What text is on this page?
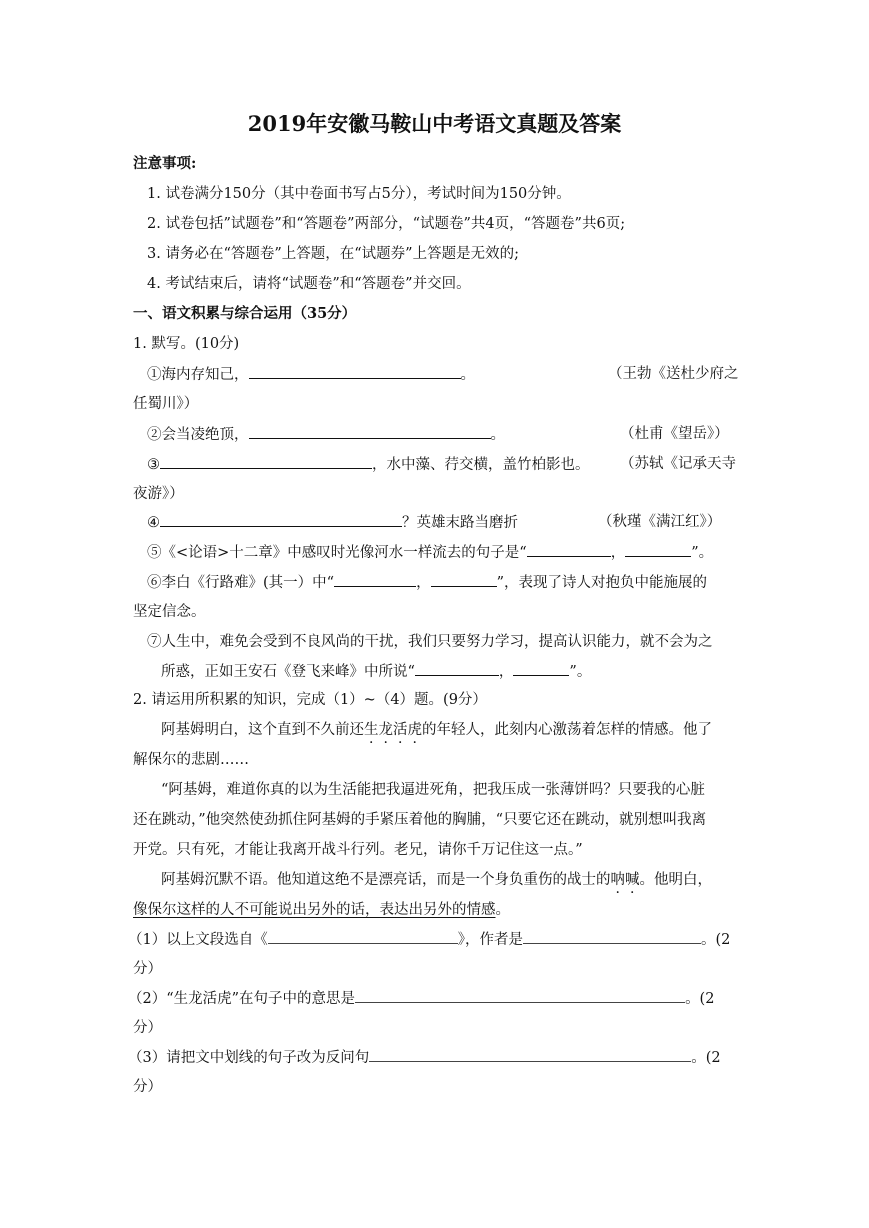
2019年安徽马鞍山中考语文真题及答案
注意事项:
1. 试卷满分150分（其中卷面书写占5分），考试时间为150分钟。
2. 试卷包括”试题卷”和“答题卷”两部分，“试题卷”共4页，“答题卷”共6页;
3. 请务必在“答题卷”上答题，在“试题券”上答题是无效的;
4. 考试结束后，请将“试题卷”和“答题卷”并交回。
一、语文积累与综合运用（35分）
1. 默写。(10分)
①海内存知己，	。	（王勃《送杜少府之
任蜀川》）
②会当凌绝顶，	。	（杜甫《望岳》）
③	，水中藻、荇交横，盖竹柏影也。 （苏轼《记承天寺
夜游》）
④	？英雄末路当磨折	（秋瑾《满江红》）
⑤《<论语>十二章》中感叹时光像河水一样流去的句子是“	，	”。
⑥李白《行路难》(其一）中“	，	”，表现了诗人对抱负中能施展的
坚定信念。
⑦人生中，难免会受到不良风尚的干扰，我们只要努力学习，提高认识能力，就不会为之
所惑，正如王安石《登飞来峰》中所说“	，	”。
2. 请运用所积累的知识，完成（1）~（4）题。(9分）
阿基姆明白，这个直到不久前还生龙活虎的年轻人，此刻内心激荡着怎样的情感。他了
解保尔的悲剧……
“阿基姆，难道你真的以为生活能把我逼进死角，把我压成一张薄饼吗？只要我的心脏
还在跳动，”他突然使劲抓住阿基姆的手紧压着他的胸脯，“只要它还在跳动，就别想叫我离
开党。只有死，才能让我离开战斗行列。老兄，请你千万记住这一点。”
阿基姆沉默不语。他知道这绝不是漂亮话，而是一个身负重伤的战士的呐喊。他明白，
像保尔这样的人不可能说出另外的话，表达出另外的情感。
（1）以上文段选自《	》，作者是	。(2
分）
（2）“生龙活虎”在句子中的意思是	。(2
分）
（3）请把文中划线的句子改为反问句	。(2
分）
